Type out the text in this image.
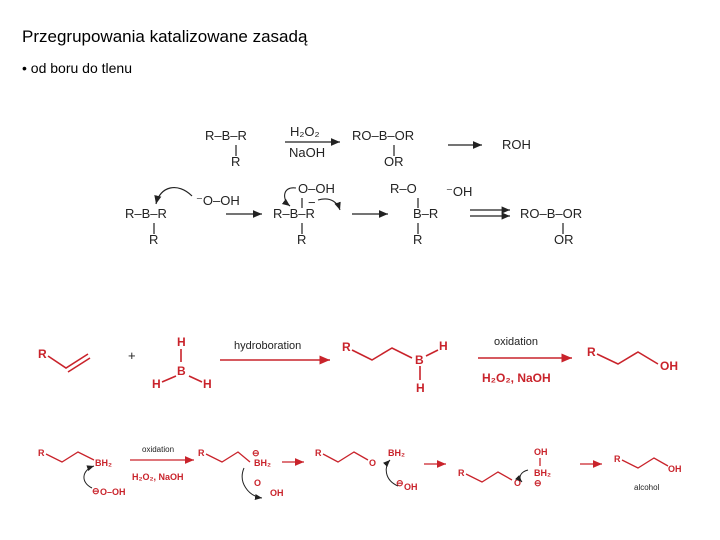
Przegrupowania katalizowane zasadą
• od boru do tlenu
R–B–R
R
H₂O₂
NaOH
RO–B–OR
OR
ROH
R–B–R
R
⁻O–OH
O–OH
R–B–R
−
R
R–O
B–R
R
⁻OH
RO–B–OR
OR
R	+
H
B
H	H
hydroboration	R
B
H
H
oxidation
H₂O₂, NaOH
R
OH
R
BH₂
⊖ O–OH
oxidation
H₂O₂, NaOH
R	⊖
BH₂
O
OH
R
O
BH₂
⊖ OH
R
O
OH
BH₂
⊖
R
OH
alcohol
